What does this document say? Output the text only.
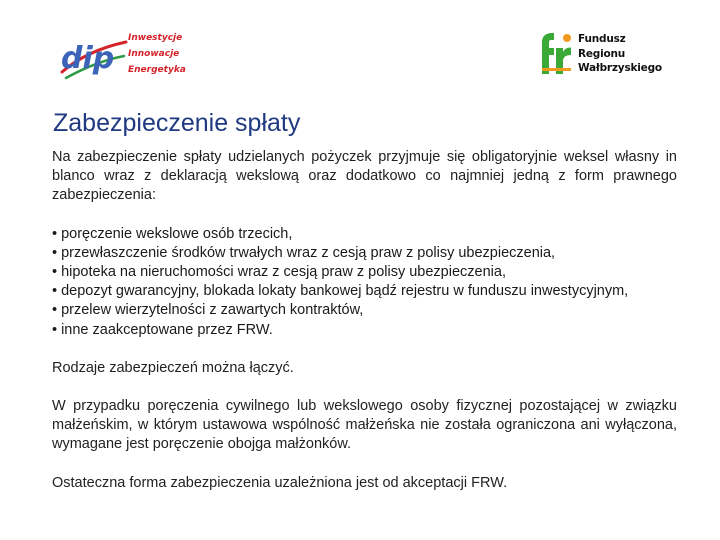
dip
Inwestycje
Innowacje
Energetyka
Fundusz
Regionu
Wałbrzyskiego
Zabezpieczenie spłaty

Na zabezpieczenie spłaty udzielanych pożyczek przyjmuje się obligatoryjnie weksel własny in blanco wraz z deklaracją wekslową oraz dodatkowo co najmniej jedną z form prawnego zabezpieczenia:

• poręczenie wekslowe osób trzecich,
• przewłaszczenie środków trwałych wraz z cesją praw z polisy ubezpieczenia,
• hipoteka na nieruchomości wraz z cesją praw z polisy ubezpieczenia,
• depozyt gwarancyjny, blokada lokaty bankowej bądź rejestru w funduszu inwestycyjnym,
• przelew wierzytelności z zawartych kontraktów,
• inne zaakceptowane przez FRW.

Rodzaje zabezpieczeń można łączyć.

W przypadku poręczenia cywilnego lub wekslowego osoby fizycznej pozostającej w związku małżeńskim, w którym ustawowa wspólność małżeńska nie została ograniczona ani wyłączona, wymagane jest poręczenie obojga małżonków.

Ostateczna forma zabezpieczenia uzależniona jest od akceptacji FRW.
